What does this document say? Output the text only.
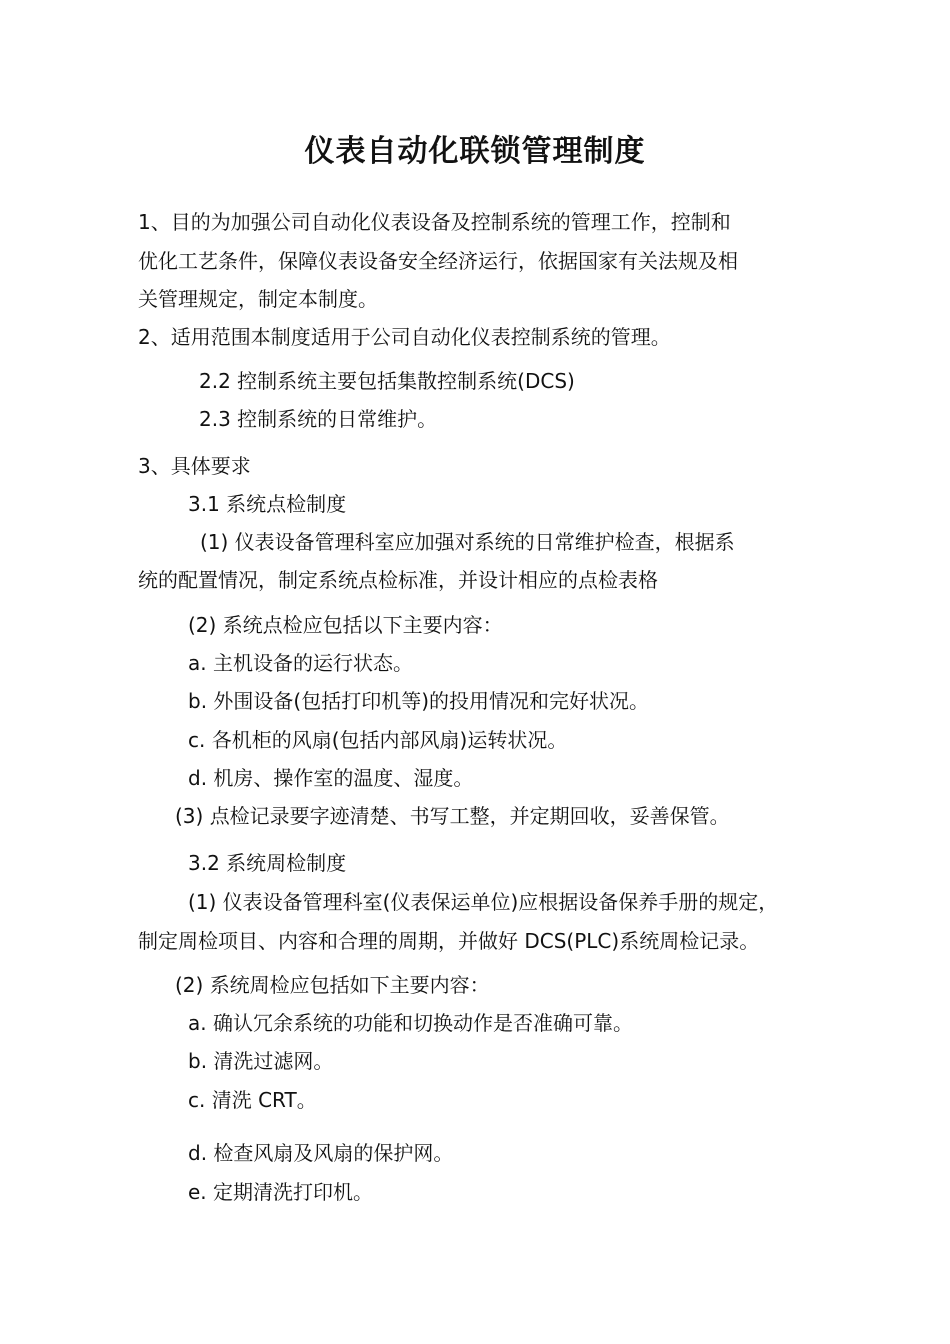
仪表自动化联锁管理制度
1、目的为加强公司自动化仪表设备及控制系统的管理工作，控制和
优化工艺条件，保障仪表设备安全经济运行，依据国家有关法规及相
关管理规定，制定本制度。
2、适用范围本制度适用于公司自动化仪表控制系统的管理。
2.2 控制系统主要包括集散控制系统(DCS)
2.3 控制系统的日常维护。
3、具体要求
3.1 系统点检制度
(1) 仪表设备管理科室应加强对系统的日常维护检查，根据系
统的配置情况，制定系统点检标准，并设计相应的点检表格
(2) 系统点检应包括以下主要内容：
a. 主机设备的运行状态。
b. 外围设备(包括打印机等)的投用情况和完好状况。
c. 各机柜的风扇(包括内部风扇)运转状况。
d. 机房、操作室的温度、湿度。
(3) 点检记录要字迹清楚、书写工整，并定期回收，妥善保管。
3.2 系统周检制度
(1) 仪表设备管理科室(仪表保运单位)应根据设备保养手册的规定，
制定周检项目、内容和合理的周期，并做好 DCS(PLC)系统周检记录。
(2) 系统周检应包括如下主要内容：
a. 确认冗余系统的功能和切换动作是否准确可靠。
b. 清洗过滤网。
c. 清洗 CRT。
d. 检查风扇及风扇的保护网。
e. 定期清洗打印机。
